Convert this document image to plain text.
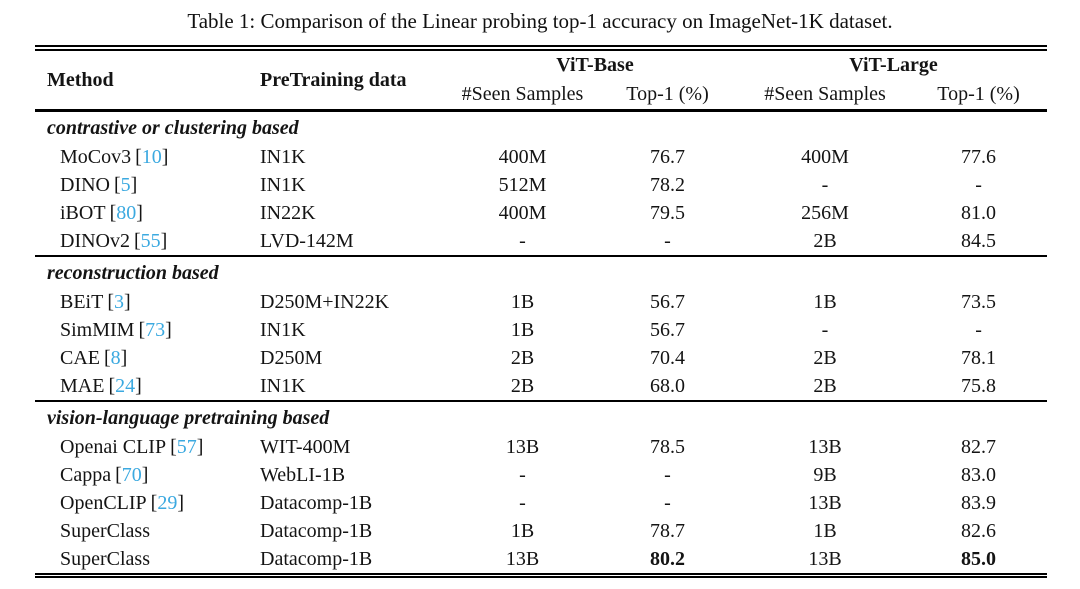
Table 1: Comparison of the Linear probing top-1 accuracy on ImageNet-1K dataset.
Method	PreTraining data	ViT-Base		ViT-Large	
		#Seen Samples	Top-1 (%)	#Seen Samples	Top-1 (%)
contrastive or clustering based					
MoCov3 [10]	IN1K	400M	76.7	400M	77.6
DINO [5]	IN1K	512M	78.2	-	-
iBOT [80]	IN22K	400M	79.5	256M	81.0
DINOv2 [55]	LVD-142M	-	-	2B	84.5
reconstruction based					
BEiT [3]	D250M+IN22K	1B	56.7	1B	73.5
SimMIM [73]	IN1K	1B	56.7	-	-
CAE [8]	D250M	2B	70.4	2B	78.1
MAE [24]	IN1K	2B	68.0	2B	75.8
vision-language pretraining based					
Openai CLIP [57]	WIT-400M	13B	78.5	13B	82.7
Cappa [70]	WebLI-1B	-	-	9B	83.0
OpenCLIP [29]	Datacomp-1B	-	-	13B	83.9
SuperClass	Datacomp-1B	1B	78.7	1B	82.6
SuperClass	Datacomp-1B	13B	80.2	13B	85.0
